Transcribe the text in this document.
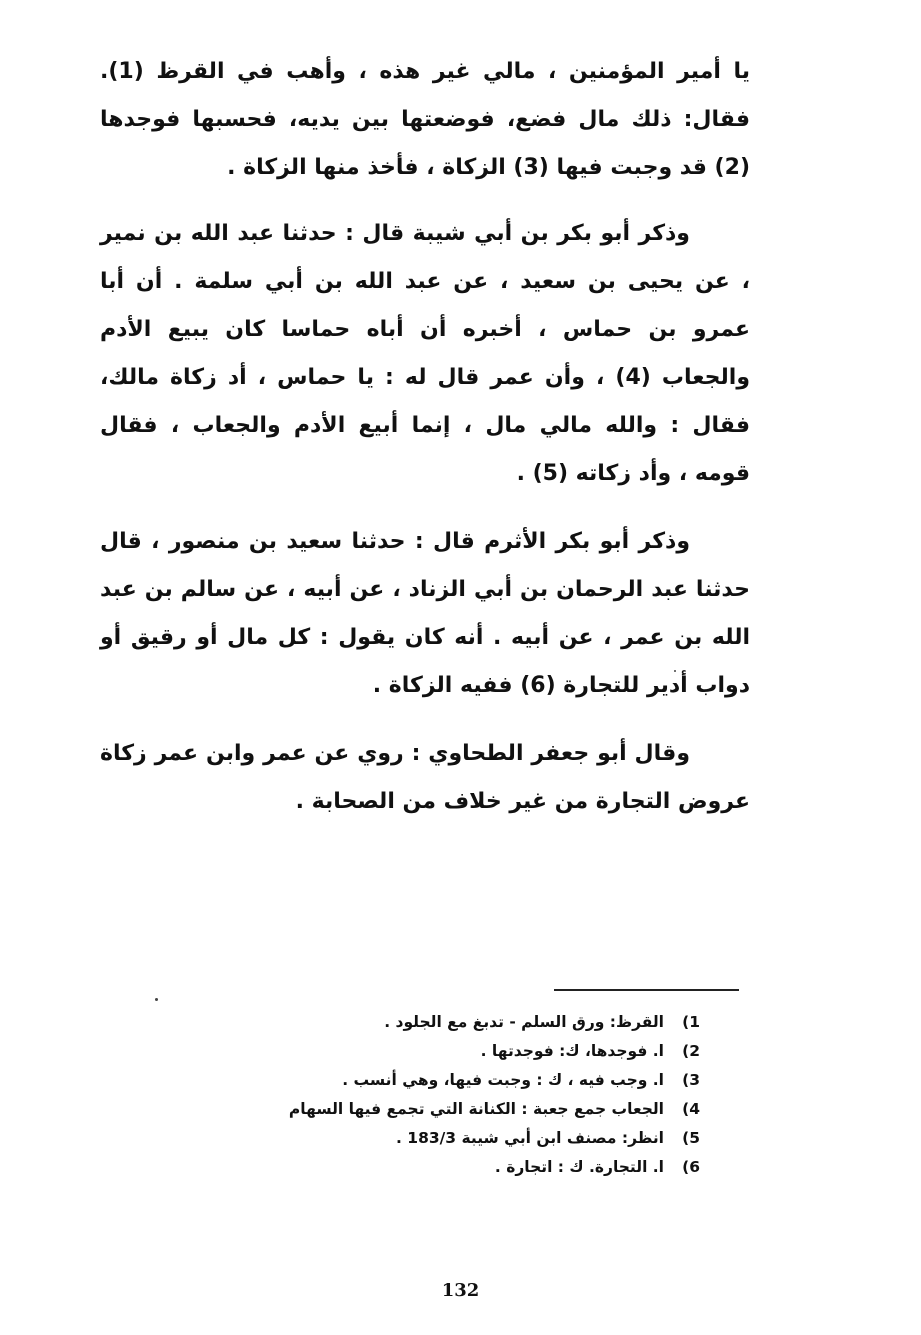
يا أمير المؤمنين ، مالي غير هذه ، وأهب في القرظ (1). فقال: ذلك مال فضع، فوضعتها بين يديه، فحسبها فوجدها (2) قد وجبت فيها (3) الزكاة ، فأخذ منها الزكاة .

وذكر أبو بكر بن أبي شيبة قال : حدثنا عبد الله بن نمير ، عن يحيى بن سعيد ، عن عبد الله بن أبي سلمة . أن أبا عمرو بن حماس ، أخبره أن أباه حماسا كان يبيع الأدم والجعاب (4) ، وأن عمر قال له : يا حماس ، أد زكاة مالك، فقال : والله مالي مال ، إنما أبيع الأدم والجعاب ، فقال قومه ، وأد زكاته (5) .

وذكر أبو بكر الأثرم قال : حدثنا سعيد بن منصور ، قال حدثنا عبد الرحمان بن أبي الزناد ، عن أبيه ، عن سالم بن عبد الله بن عمر ، عن أبيه . أنه كان يقول : كل مال أو رقيق أو دواب أدير للتجارة (6) ففيه الزكاة .

وقال أبو جعفر الطحاوي : روي عن عمر وابن عمر زكاة عروض التجارة من غير خلاف من الصحابة .

1)القرظ: ورق السلم - تدبغ مع الجلود .
2)ا. فوجدها، ك: فوجدتها .
3)ا. وجب فيه ، ك : وجبت فيها، وهي أنسب .
4)الجعاب جمع جعبة : الكنانة التي تجمع فيها السهام
5)انظر: مصنف ابن أبي شيبة 183/3 .
6)ا. التجارة. ك : اتجارة .
132
